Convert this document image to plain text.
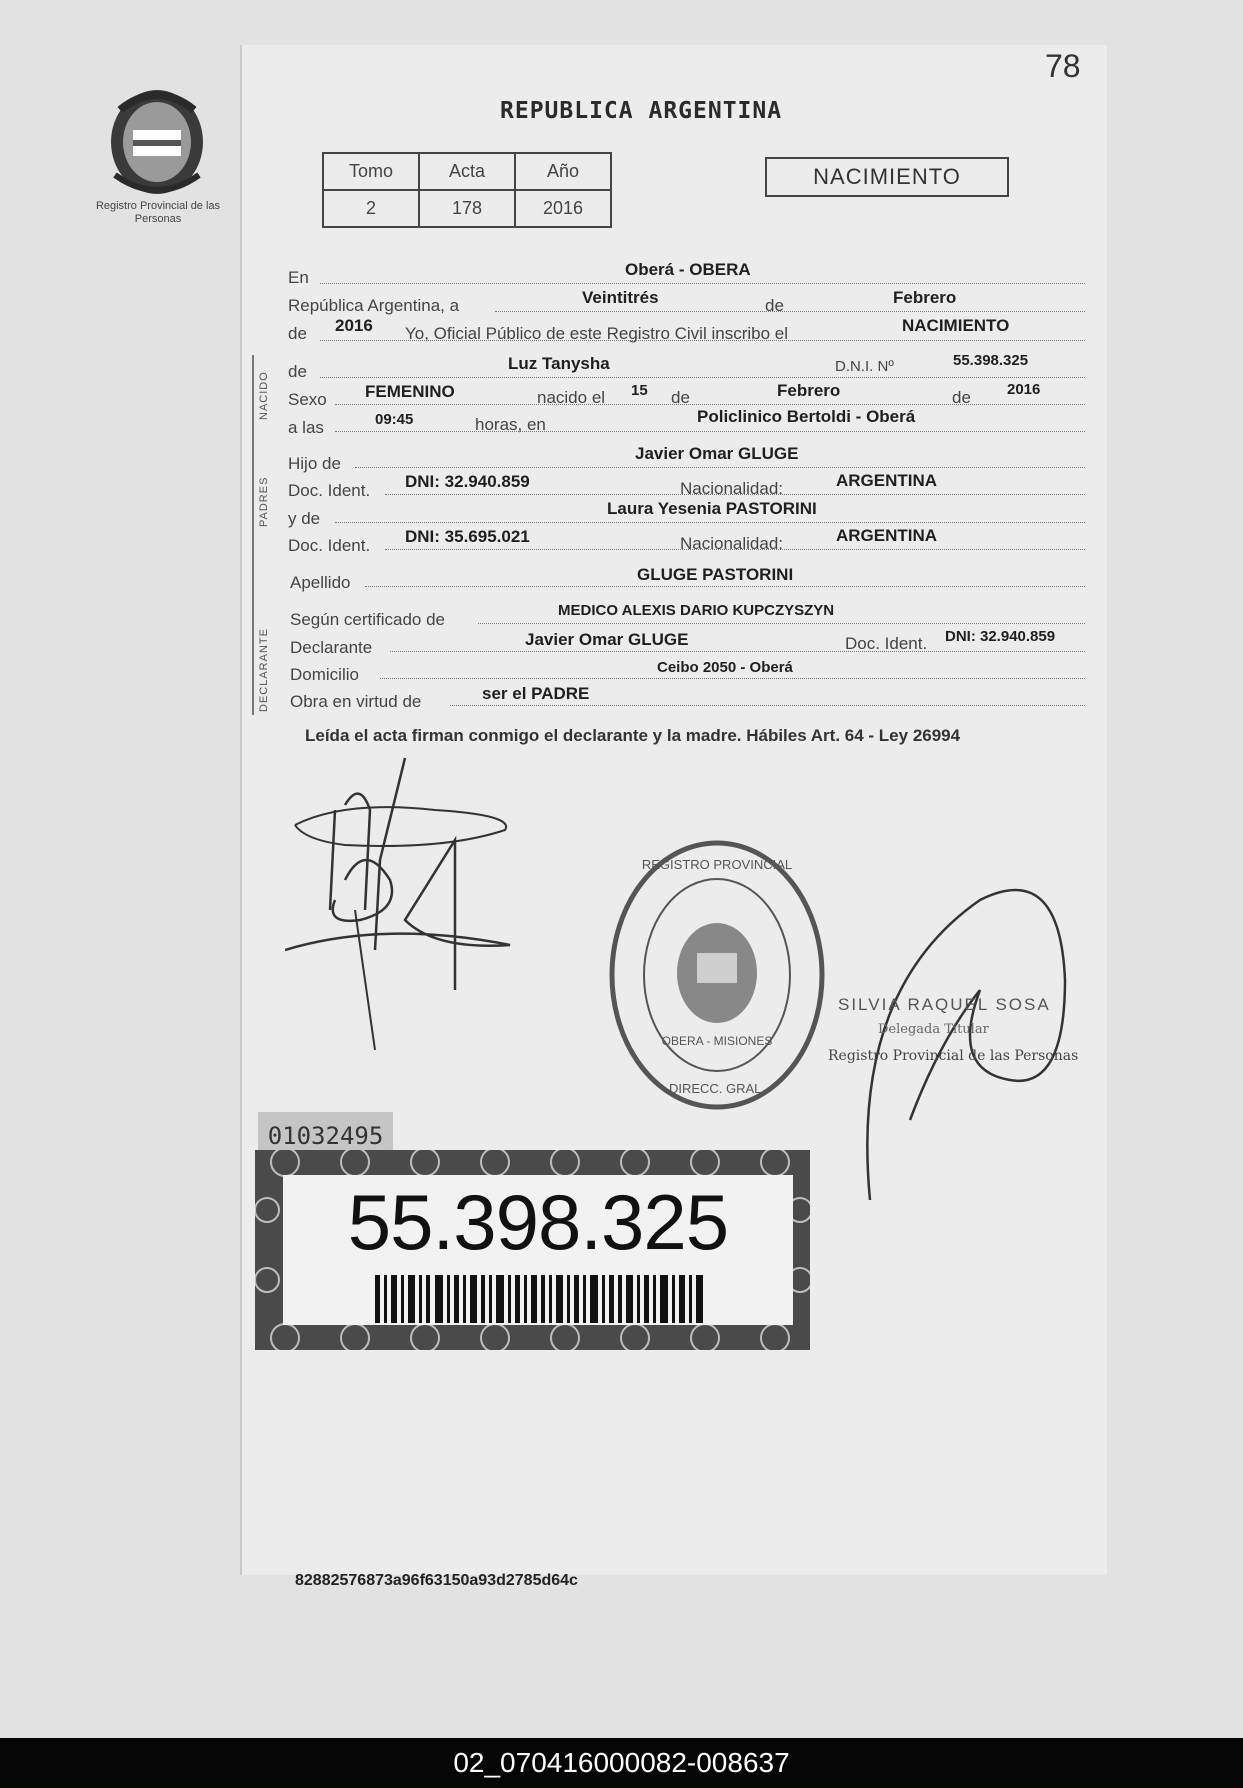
78
Registro Provincial de las Personas
REPUBLICA ARGENTINA
Tomo	Acta	Año
2	178	2016
NACIMIENTO
En	Oberá - OBERA
República Argentina, a	Veintitrés	de	Febrero
de 2016 Yo, Oficial Público de este Registro Civil inscribo el	NACIMIENTO
NACIDO de	Luz Tanysha	D.N.I. Nº	55.398.325
Sexo FEMENINO	nacido el 15 de	Febrero	de 2016
a las	09:45	horas, en	Policlinico Bertoldi - Oberá
PADRES
Hijo de
Javier Omar GLUGE
Doc. Ident. DNI: 32.940.859	Nacionalidad:	ARGENTINA
y de
Laura Yesenia PASTORINI
Doc. Ident. DNI: 35.695.021	Nacionalidad:	ARGENTINA
Apellido	GLUGE PASTORINI
DECLARANTE
Según certificado de	MEDICO ALEXIS DARIO KUPCZYSZYN
Declarante	Javier Omar GLUGE	Doc. Ident. DNI: 32.940.859
Domicilio	Ceibo 2050 - Oberá
Obra en virtud de	ser el PADRE
Leída el acta firman conmigo el declarante y la madre. Hábiles Art. 64 - Ley 26994
REGISTRO PROVINCIAL
DIRECC. GRAL.
OBERA - MISIONES
SILVIA RAQUEL SOSA
Delegada Titular
Registro Provincial de las Personas
01032495
55.398.325
82882576873a96f63150a93d2785d64c
02_070416000082-008637
